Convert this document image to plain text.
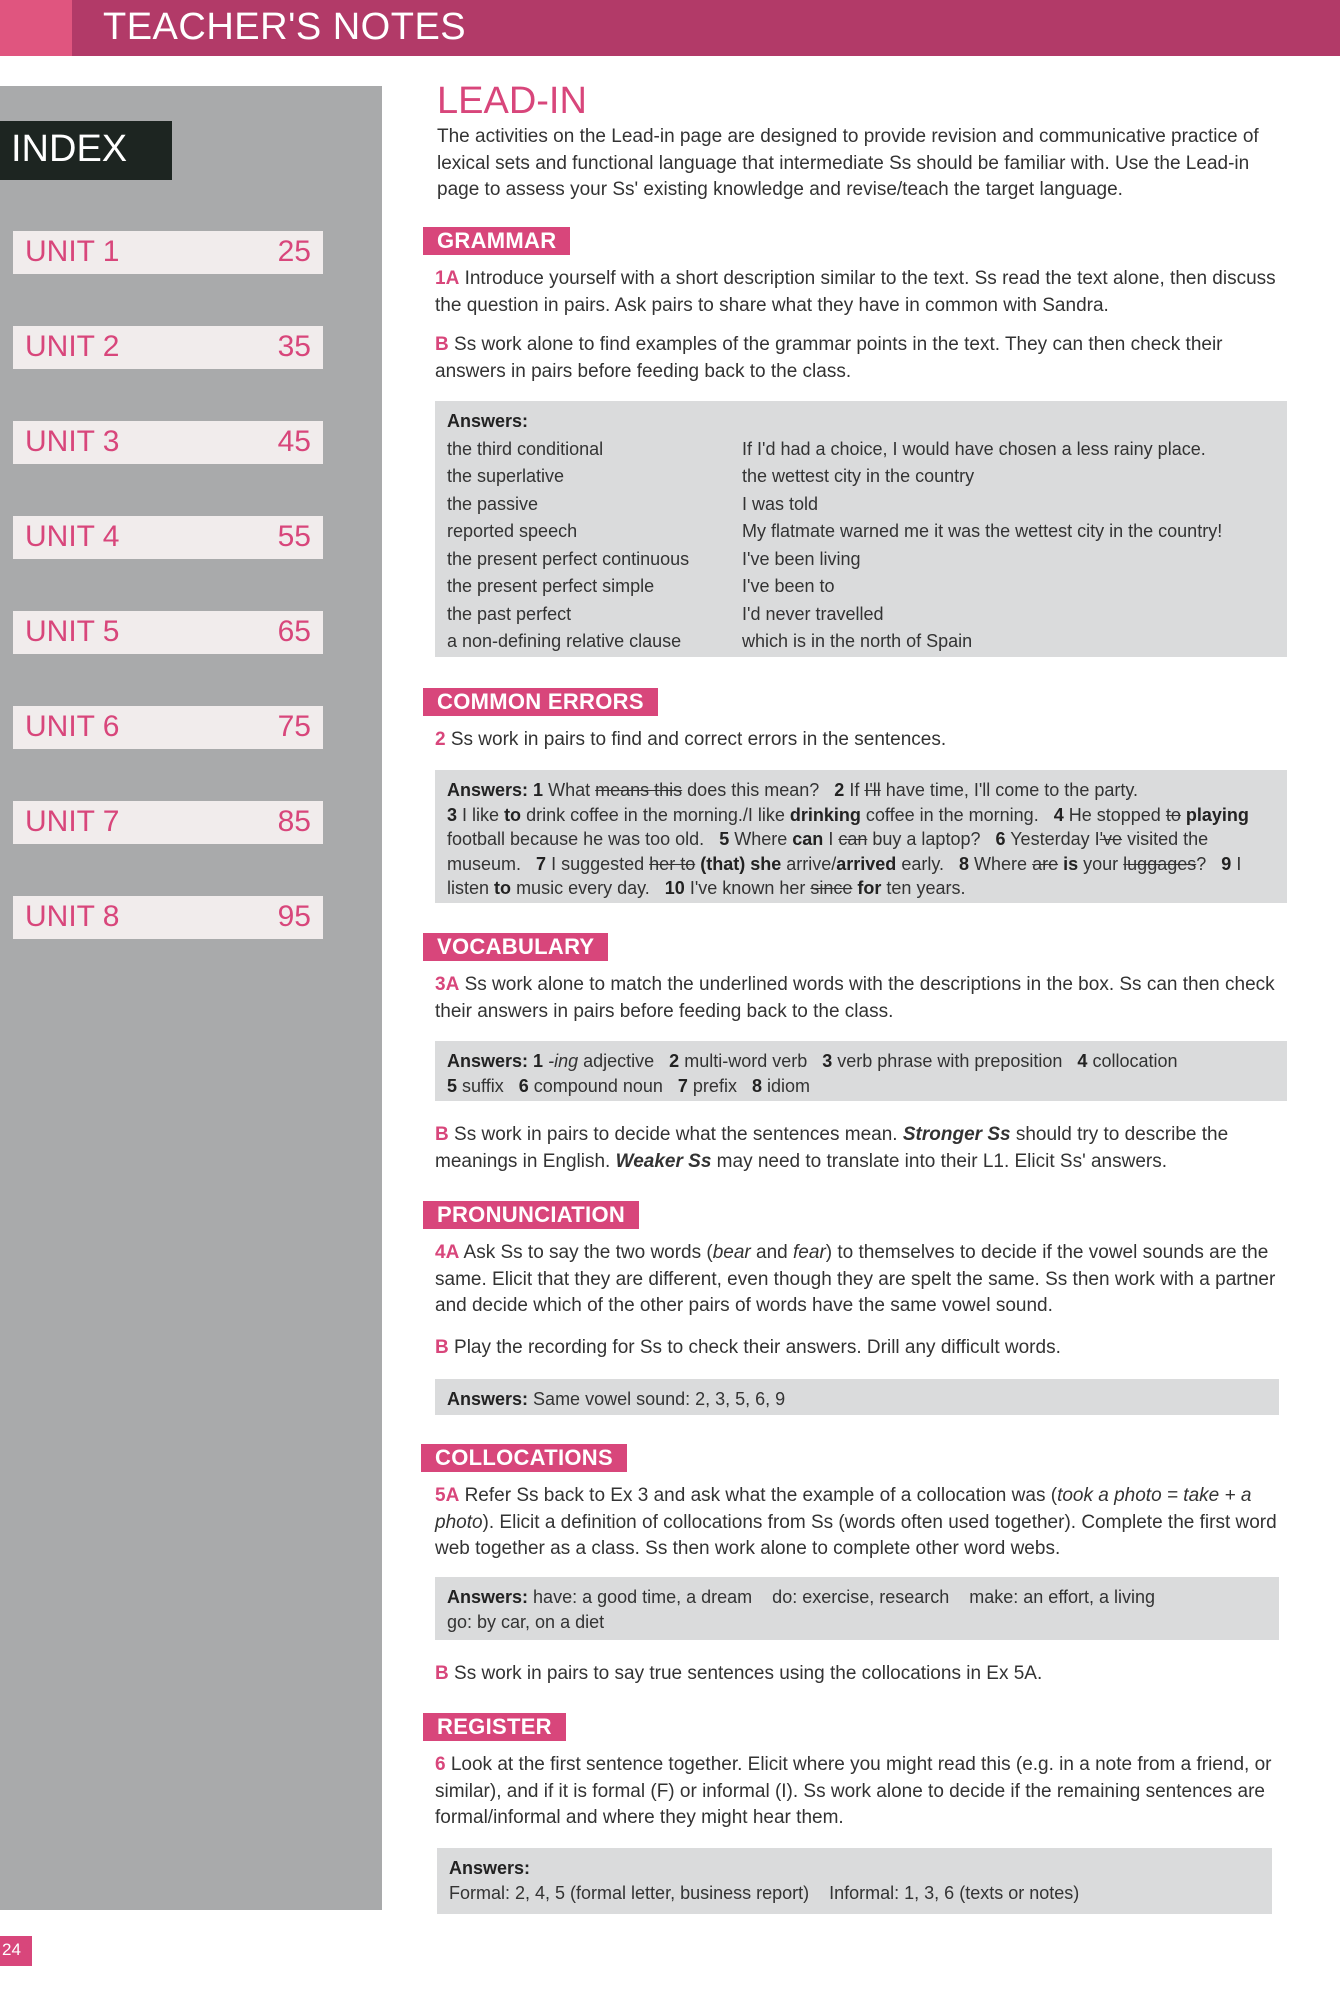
TEACHER'S NOTES
INDEX
UNIT 1	25
UNIT 2	35
UNIT 3	45
UNIT 4	55
UNIT 5	65
UNIT 6	75
UNIT 7	85
UNIT 8	95
24
LEAD-IN

The activities on the Lead-in page are designed to provide revision and communicative practice of lexical sets and functional language that intermediate Ss should be familiar with. Use the Lead-in page to assess your Ss' existing knowledge and revise/teach the target language.

GRAMMAR

1A Introduce yourself with a short description similar to the text. Ss read the text alone, then discuss the question in pairs. Ask pairs to share what they have in common with Sandra.

B Ss work alone to find examples of the grammar points in the text. They can then check their answers in pairs before feeding back to the class.

Answers:
the third conditional	If I'd had a choice, I would have chosen a less rainy place.
the superlative	the wettest city in the country
the passive	I was told
reported speech	My flatmate warned me it was the wettest city in the country!
the present perfect continuous	I've been living
the present perfect simple	I've been to
the past perfect	I'd never travelled
a non-defining relative clause	which is in the north of Spain
COMMON ERRORS

2 Ss work in pairs to find and correct errors in the sentences.

Answers: 1 What means this does this mean? 2 If I'll have time, I'll come to the party.
3 I like to drink coffee in the morning./I like drinking coffee in the morning. 4 He stopped to playing football because he was too old. 5 Where can I can buy a laptop? 6 Yesterday I've visited the museum. 7 I suggested her to (that) she arrive/arrived early. 8 Where are is your luggages? 9 I listen to music every day. 10 I've known her since for ten years.
VOCABULARY

3A Ss work alone to match the underlined words with the descriptions in the box. Ss can then check their answers in pairs before feeding back to the class.

Answers: 1 -ing adjective 2 multi-word verb 3 verb phrase with preposition 4 collocation
5 suffix 6 compound noun 7 prefix 8 idiom

B Ss work in pairs to decide what the sentences mean. Stronger Ss should try to describe the meanings in English. Weaker Ss may need to translate into their L1. Elicit Ss' answers.

PRONUNCIATION

4A Ask Ss to say the two words (bear and fear) to themselves to decide if the vowel sounds are the same. Elicit that they are different, even though they are spelt the same. Ss then work with a partner and decide which of the other pairs of words have the same vowel sound.

B Play the recording for Ss to check their answers. Drill any difficult words.

Answers: Same vowel sound: 2, 3, 5, 6, 9
COLLOCATIONS

5A Refer Ss back to Ex 3 and ask what the example of a collocation was (took a photo = take + a photo). Elicit a definition of collocations from Ss (words often used together). Complete the first word web together as a class. Ss then work alone to complete other word webs.

Answers: have: a good time, a dream    do: exercise, research    make: an effort, a living
go: by car, on a diet

B Ss work in pairs to say true sentences using the collocations in Ex 5A.

REGISTER

6 Look at the first sentence together. Elicit where you might read this (e.g. in a note from a friend, or similar), and if it is formal (F) or informal (I). Ss work alone to decide if the remaining sentences are formal/informal and where they might hear them.

Answers:
Formal: 2, 4, 5 (formal letter, business report)    Informal: 1, 3, 6 (texts or notes)
